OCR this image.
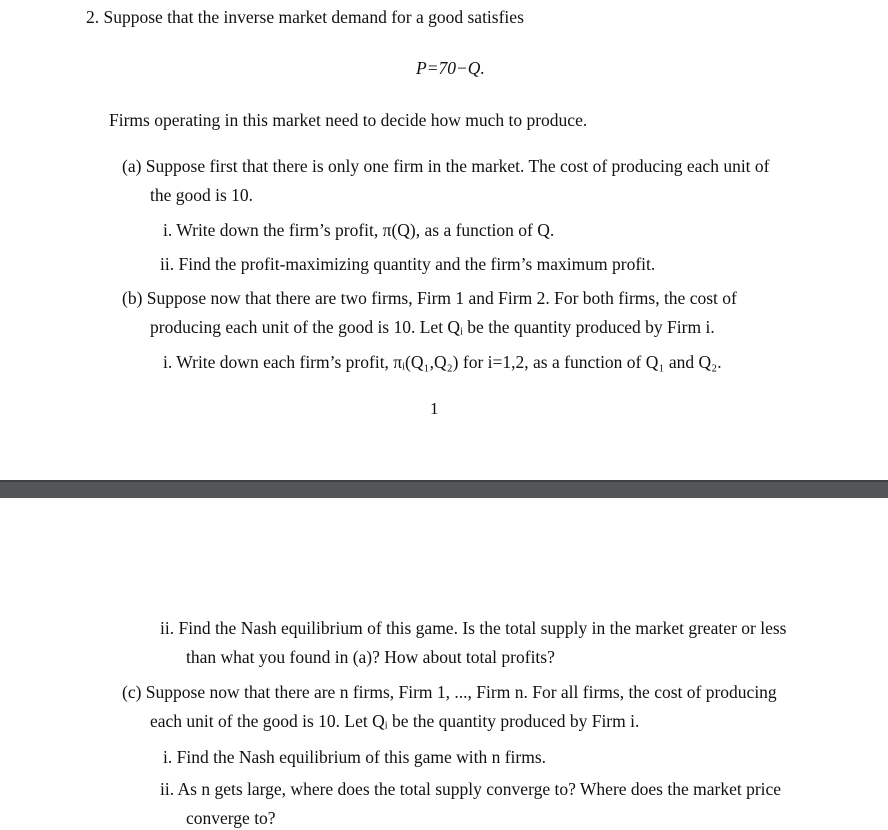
2. Suppose that the inverse market demand for a good satisfies
P=70−Q.
Firms operating in this market need to decide how much to produce.
(a) Suppose first that there is only one firm in the market. The cost of producing each unit of
the good is 10.
i. Write down the firm’s profit, π(Q), as a function of Q.
ii. Find the profit-maximizing quantity and the firm’s maximum profit.
(b) Suppose now that there are two firms, Firm 1 and Firm 2. For both firms, the cost of
producing each unit of the good is 10. Let Qᵢ be the quantity produced by Firm i.
i. Write down each firm’s profit, πᵢ(Q₁,Q₂) for i=1,2, as a function of Q₁ and Q₂.
1
ii. Find the Nash equilibrium of this game. Is the total supply in the market greater or less
than what you found in (a)? How about total profits?
(c) Suppose now that there are n firms, Firm 1, ..., Firm n. For all firms, the cost of producing
each unit of the good is 10. Let Qᵢ be the quantity produced by Firm i.
i. Find the Nash equilibrium of this game with n firms.
ii. As n gets large, where does the total supply converge to? Where does the market price
converge to?
